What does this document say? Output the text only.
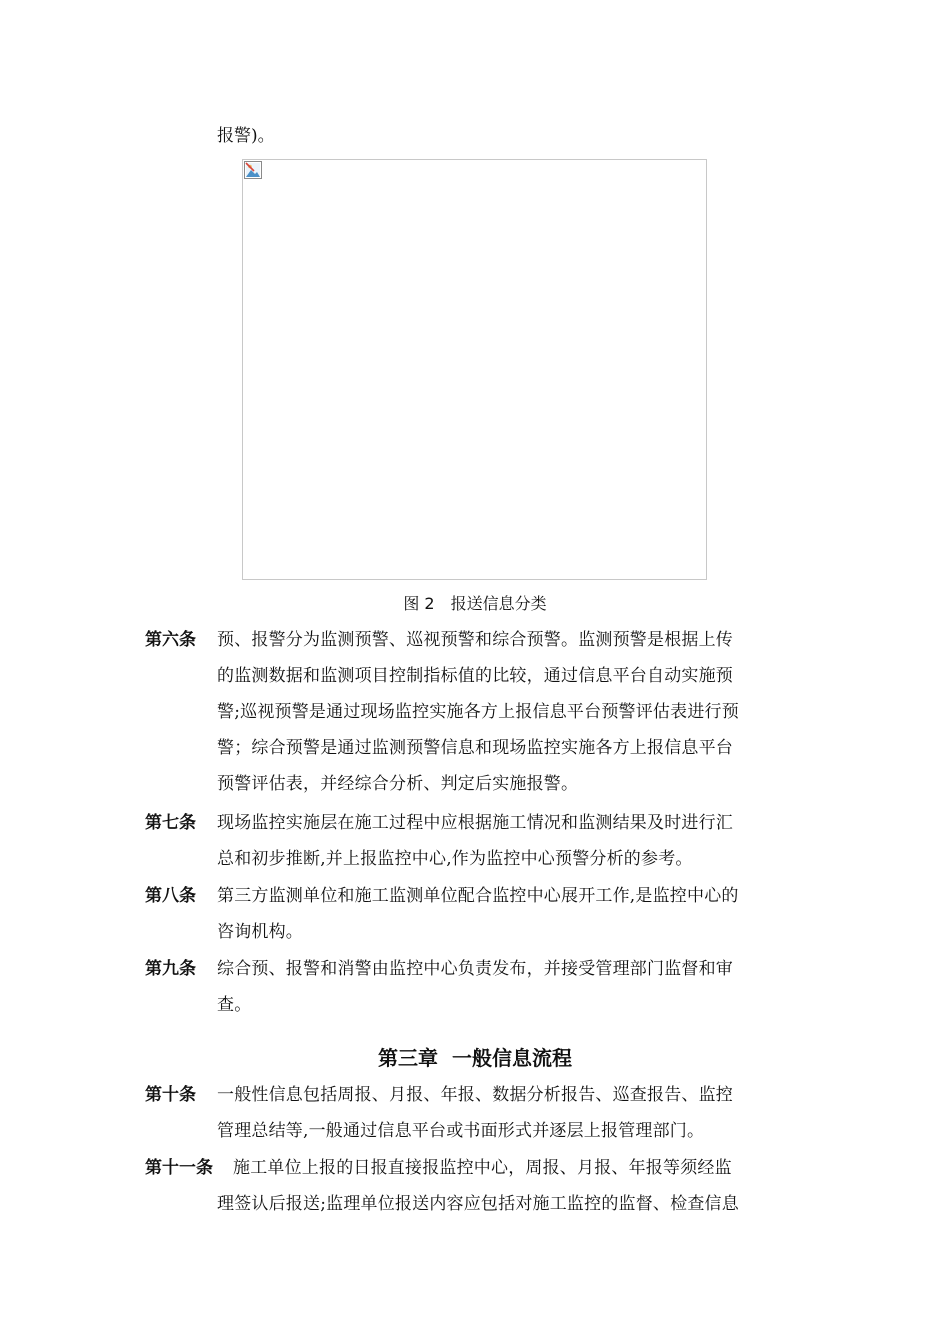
报警)。
图 2 报送信息分类
第六条 预、报警分为监测预警、巡视预警和综合预警。监测预警是根据上传
的监测数据和监测项目控制指标值的比较，通过信息平台自动实施预
警;巡视预警是通过现场监控实施各方上报信息平台预警评估表进行预
警；综合预警是通过监测预警信息和现场监控实施各方上报信息平台
预警评估表，并经综合分析、判定后实施报警。
第七条 现场监控实施层在施工过程中应根据施工情况和监测结果及时进行汇
总和初步推断,并上报监控中心,作为监控中心预警分析的参考。
第八条 第三方监测单位和施工监测单位配合监控中心展开工作,是监控中心的
咨询机构。
第九条 综合预、报警和消警由监控中心负责发布，并接受管理部门监督和审
查。
第三章 一般信息流程
第十条 一般性信息包括周报、月报、年报、数据分析报告、巡查报告、监控
管理总结等,一般通过信息平台或书面形式并逐层上报管理部门。
第十一条 施工单位上报的日报直接报监控中心，周报、月报、年报等须经监
理签认后报送;监理单位报送内容应包括对施工监控的监督、检查信息
